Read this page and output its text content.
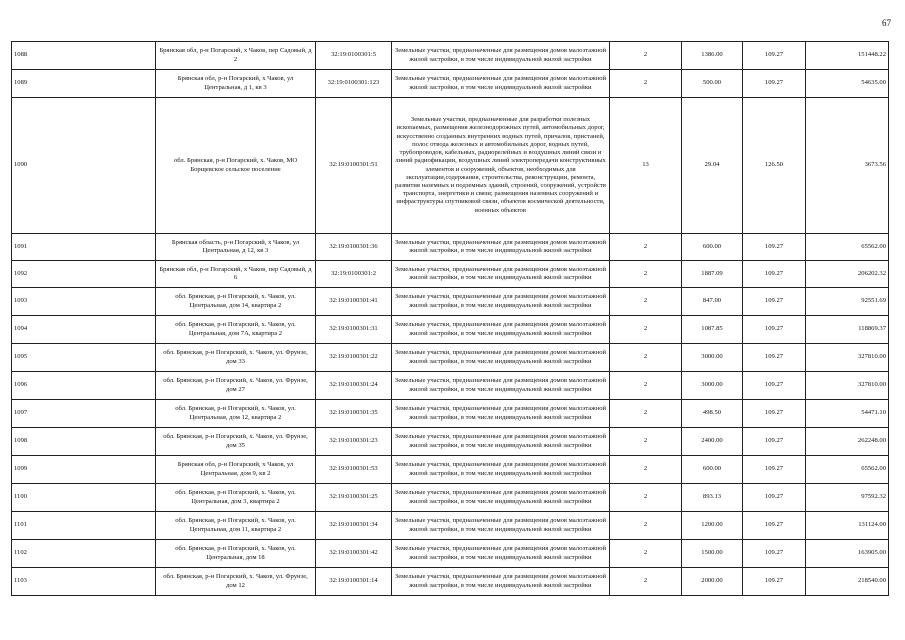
67
1088	Брянская обл, р-н Погарский, х Чаков, пер Садовый, д 2	32:19:0100301:5	Земельные участки, предназначенные для размещения домов малоэтажной жилой застройки, в том числе индивидуальной жилой застройки	2	1386.00	109.27	151448.22
1089	Брянская обл, р-н Погарский, х Чаков, ул Центральная, д 1, кв 3	32:19:0100301:123	Земельные участки, предназначенные для размещения домов малоэтажной жилой застройки, в том числе индивидуальной жилой застройки	2	500.00	109.27	54635.00
1090	обл. Брянская, р-н Погарский, х. Чаков, МО Борщевское сельское поселение	32:19:0100301:51	Земельные участки, предназначенные для разработки полезных ископаемых, размещения железнодорожных путей, автомобильных дорог, искусственно созданных внутренних водных путей, причалов, пристаней, полос отвода железных и автомобильных дорог, водных путей, трубопроводов, кабельных, радиорелейных и воздушных линий связи и линий радиофикации, воздушных линий электропередачи конструктивных элементов и сооружений, объектов, необходимых для эксплуатации,содержания, строительства, реконструкции, ремонта, развития наземных и подземных зданий, строений, сооружений, устройств транспорта, энергетики и связи; размещения наземных сооружений и инфраструктуры спутниковой связи, объектов космической деятельности, военных объектов	13	29.04	126.50	3673.56
1091	Брянская область, р-н Погарский, х Чаков, ул Центральная, д 12, кв 3	32:19:0100301:36	Земельные участки, предназначенные для размещения домов малоэтажной жилой застройки, в том числе индивидуальной жилой застройки	2	600.00	109.27	65562.00
1092	Брянская обл, р-н Погарский, х Чаков, пер Садовый, д 6	32:19:0100301:2	Земельные участки, предназначенные для размещения домов малоэтажной жилой застройки, в том числе индивидуальной жилой застройки	2	1887.09	109.27	206202.32
1093	обл. Брянская, р-н Погарский, х. Чаков, ул. Центральная, дом 14, квартира 2	32:19:0100301:41	Земельные участки, предназначенные для размещения домов малоэтажной жилой застройки, в том числе индивидуальной жилой застройки	2	847.00	109.27	92551.69
1094	обл. Брянская, р-н Погарский, х. Чаков, ул. Центральная, дом 7А, квартира 2	32:19:0100301:31	Земельные участки, предназначенные для размещения домов малоэтажной жилой застройки, в том числе индивидуальной жилой застройки	2	1087.85	109.27	118869.37
1095	обл. Брянская, р-н Погарский, х. Чаков, ул. Фрунзе, дом 33	32:19:0100301:22	Земельные участки, предназначенные для размещения домов малоэтажной жилой застройки, в том числе индивидуальной жилой застройки	2	3000.00	109.27	327810.00
1096	обл. Брянская, р-н Погарский, х. Чаков, ул. Фрунзе, дом 27	32:19:0100301:24	Земельные участки, предназначенные для размещения домов малоэтажной жилой застройки, в том числе индивидуальной жилой застройки	2	3000.00	109.27	327810.00
1097	обл. Брянская, р-н Погарский, х. Чаков, ул. Центральная, дом 12, квартира 2	32:19:0100301:35	Земельные участки, предназначенные для размещения домов малоэтажной жилой застройки, в том числе индивидуальной жилой застройки	2	498.50	109.27	54471.10
1098	обл. Брянская, р-н Погарский, х. Чаков, ул. Фрунзе, дом 35	32:19:0100301:23	Земельные участки, предназначенные для размещения домов малоэтажной жилой застройки, в том числе индивидуальной жилой застройки	2	2400.00	109.27	262248.00
1099	Брянская обл, р-н Погарский, х Чаков, ул Центральная, дом 9, кв 2	32:19:0100301:53	Земельные участки, предназначенные для размещения домов малоэтажной жилой застройки, в том числе индивидуальной жилой застройки	2	600.00	109.27	65562.00
1100	обл. Брянская, р-н Погарский, х. Чаков, ул. Центральная, дом 3, квартира 2	32:19:0100301:25	Земельные участки, предназначенные для размещения домов малоэтажной жилой застройки, в том числе индивидуальной жилой застройки	2	893.13	109.27	97592.32
1101	обл. Брянская, р-н Погарский, х. Чаков, ул. Центральная, дом 11, квартира 2	32:19:0100301:34	Земельные участки, предназначенные для размещения домов малоэтажной жилой застройки, в том числе индивидуальной жилой застройки	2	1200.00	109.27	131124.00
1102	обл. Брянская, р-н Погарский, х. Чаков, ул. Центральная, дом 18	32:19:0100301:42	Земельные участки, предназначенные для размещения домов малоэтажной жилой застройки, в том числе индивидуальной жилой застройки	2	1500.00	109.27	163905.00
1103	обл. Брянская, р-н Погарский, х. Чаков, ул. Фрунзе, дом 12	32:19:0100301:14	Земельные участки, предназначенные для размещения домов малоэтажной жилой застройки, в том числе индивидуальной жилой застройки	2	2000.00	109.27	218540.00
